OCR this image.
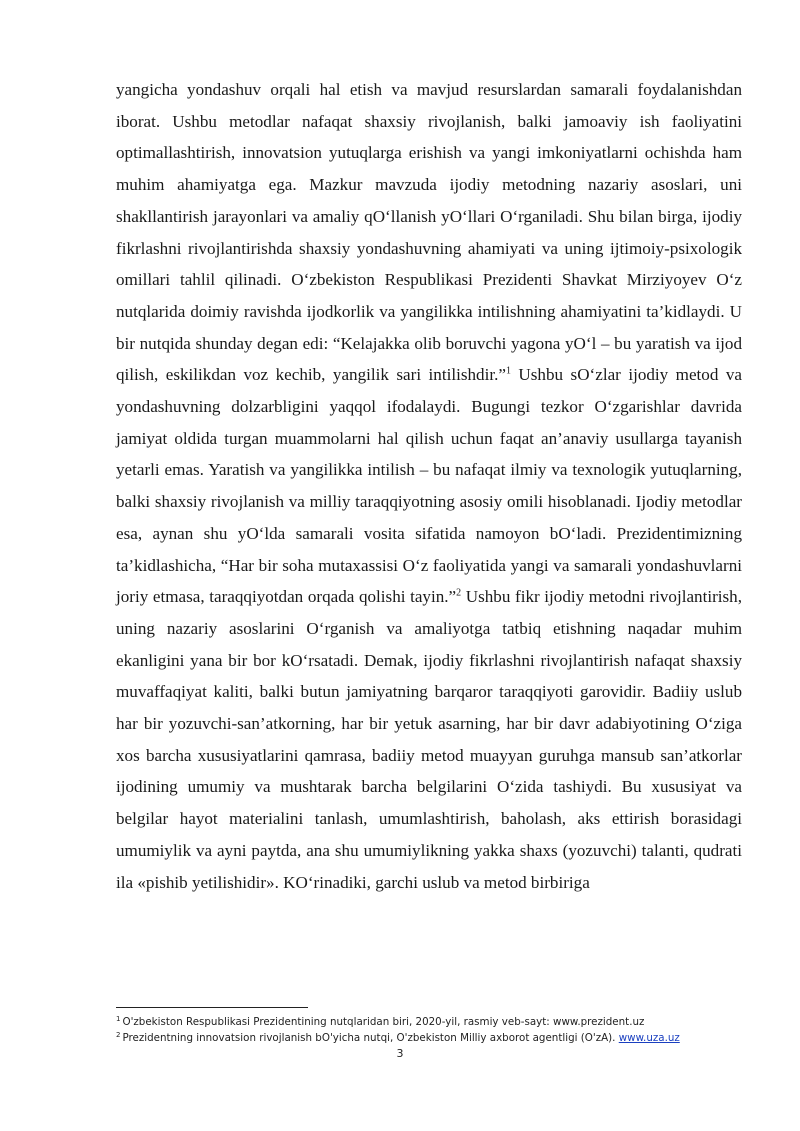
yangicha yondashuv orqali hal etish va mavjud resurslardan samarali foydalanishdan iborat. Ushbu metodlar nafaqat shaxsiy rivojlanish, balki jamoaviy ish faoliyatini optimallashtirish, innovatsion yutuqlarga erishish va yangi imkoniyatlarni ochishda ham muhim ahamiyatga ega. Mazkur mavzuda ijodiy metodning nazariy asoslari, uni shakllantirish jarayonlari va amaliy qO‘llanish yO‘llari O‘rganiladi. Shu bilan birga, ijodiy fikrlashni rivojlantirishda shaxsiy yondashuvning ahamiyati va uning ijtimoiy-psixologik omillari tahlil qilinadi. O‘zbekiston Respublikasi Prezidenti Shavkat Mirziyoyev O‘z nutqlarida doimiy ravishda ijodkorlik va yangilikka intilishning ahamiyatini ta’kidlaydi. U bir nutqida shunday degan edi: “Kelajakka olib boruvchi yagona yO‘l – bu yaratish va ijod qilish, eskilikdan voz kechib, yangilik sari intilishdir.”$^1$ Ushbu sO‘zlar ijodiy metod va yondashuvning dolzarbligini yaqqol ifodalaydi. Bugungi tezkor O‘zgarishlar davrida jamiyat oldida turgan muammolarni hal qilish uchun faqat an’anaviy usullarga tayanish yetarli emas. Yaratish va yangilikka intilish – bu nafaqat ilmiy va texnologik yutuqlarning, balki shaxsiy rivojlanish va milliy taraqqiyotning asosiy omili hisoblanadi. Ijodiy metodlar esa, aynan shu yO‘lda samarali vosita sifatida namoyon bO‘ladi. Prezidentimizning ta’kidlashicha, “Har bir soha mutaxassisi O‘z faoliyatida yangi va samarali yondashuvlarni joriy etmasa, taraqqiyotdan orqada qolishi tayin.”$^2$ Ushbu fikr ijodiy metodni rivojlantirish, uning nazariy asoslarini O‘rganish va amaliyotga tatbiq etishning naqadar muhim ekanligini yana bir bor kO‘rsatadi. Demak, ijodiy fikrlashni rivojlantirish nafaqat shaxsiy muvaffaqiyat kaliti, balki butun jamiyatning barqaror taraqqiyoti garovidir. Badiiy uslub har bir yozuvchi-san’atkorning, har bir yetuk asarning, har bir davr adabiyotining O‘ziga xos barcha xususiyatlarini qamrasa, badiiy metod muayyan guruhga mansub san’atkorlar ijodining umumiy va mushtarak barcha belgilarini O‘zida tashiydi. Bu xususiyat va belgilar hayot materialini tanlash, umumlashtirish, baholash, aks ettirish borasidagi umumiylik va ayni paytda, ana shu umumiylikning yakka shaxs (yozuvchi) talanti, qudrati ila «pishib yetilishidir». KO‘rinadiki, garchi uslub va metod birbiriga

$^1$ O'zbekiston Respublikasi Prezidentining nutqlaridan biri, 2020-yil, rasmiy veb-sayt: www.prezident.uz

$^2$ Prezidentning innovatsion rivojlanish bO'yicha nutqi, O'zbekiston Milliy axborot agentligi (O'zA). www.uza.uz

3
